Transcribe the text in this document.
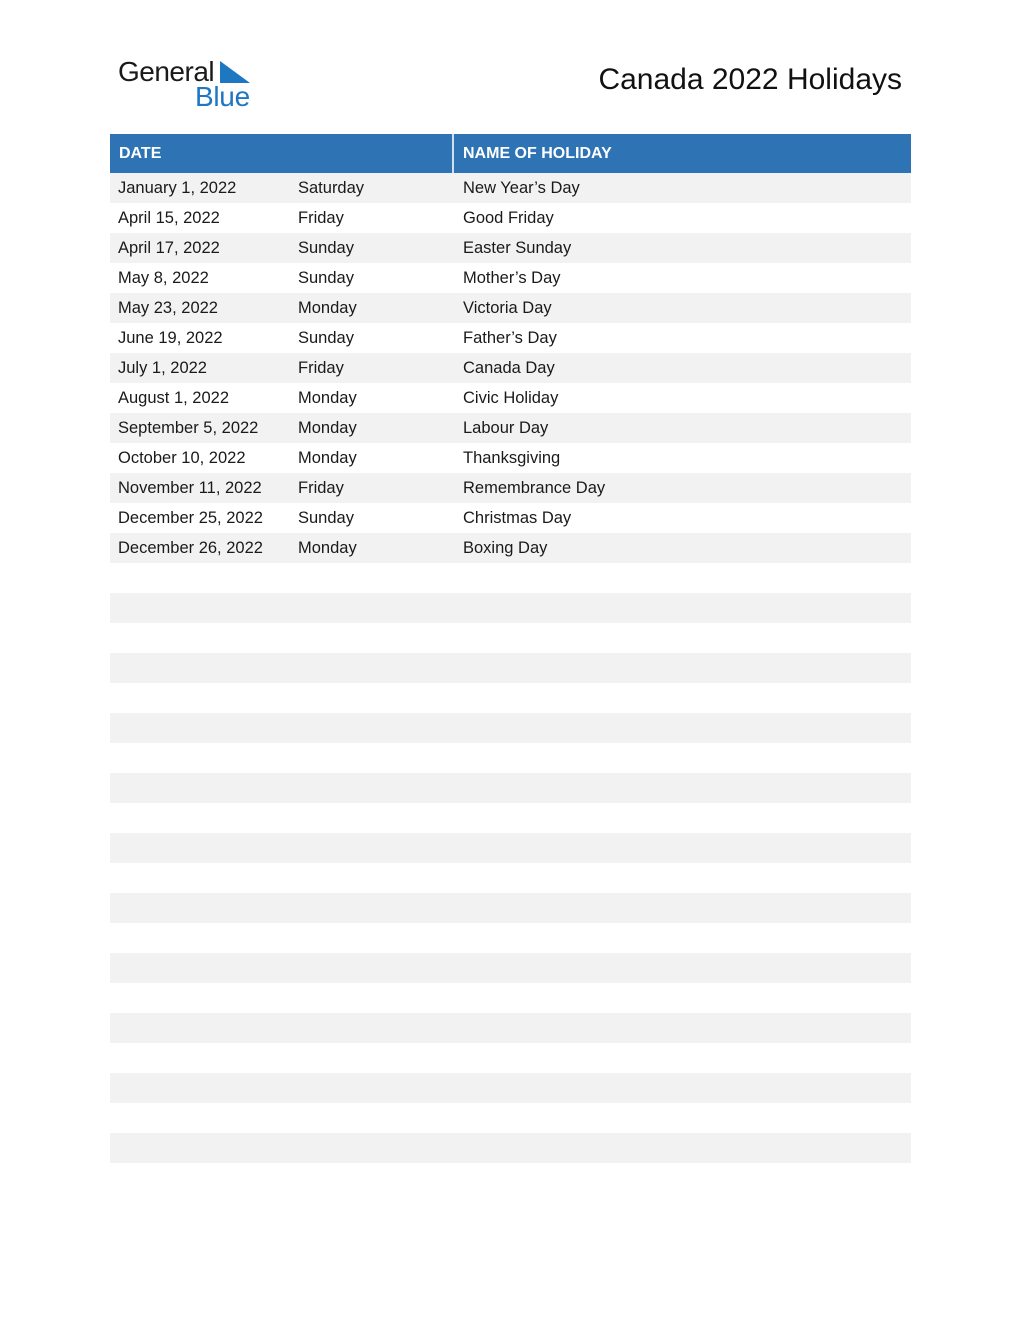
General
Blue
Canada 2022 Holidays
DATE	NAME OF HOLIDAY
January 1, 2022	Saturday	New Year’s Day
April 15, 2022	Friday	Good Friday
April 17, 2022	Sunday	Easter Sunday
May 8, 2022	Sunday	Mother’s Day
May 23, 2022	Monday	Victoria Day
June 19, 2022	Sunday	Father’s Day
July 1, 2022	Friday	Canada Day
August 1, 2022	Monday	Civic Holiday
September 5, 2022	Monday	Labour Day
October 10, 2022	Monday	Thanksgiving
November 11, 2022	Friday	Remembrance Day
December 25, 2022	Sunday	Christmas Day
December 26, 2022	Monday	Boxing Day
